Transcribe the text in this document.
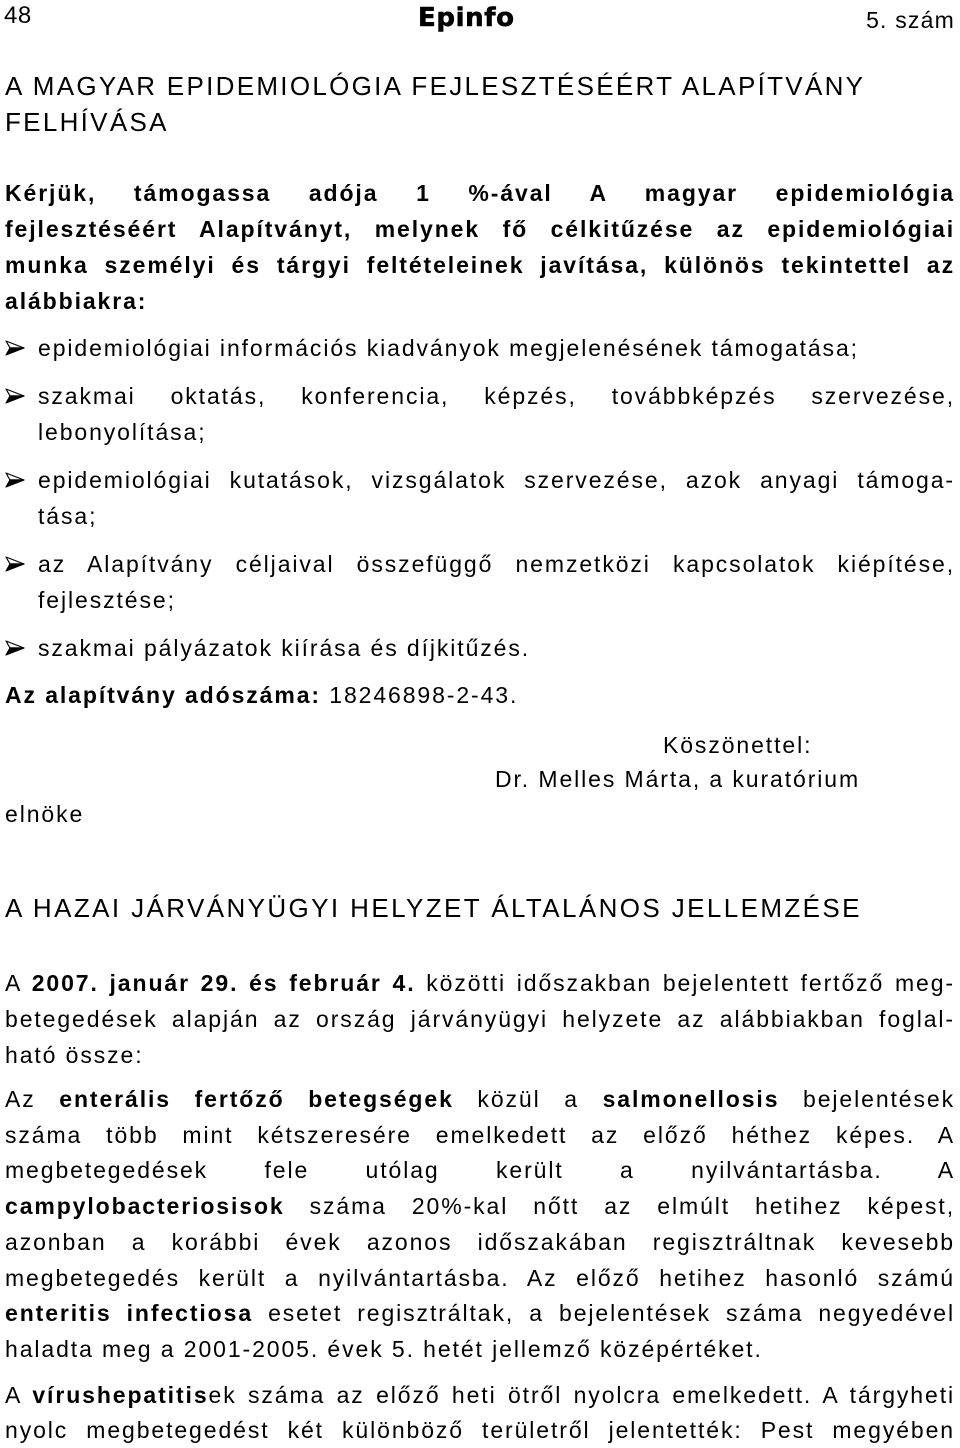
48	Epinfo	5. szám
A MAGYAR EPIDEMIOLÓGIA FEJLESZTÉSÉÉRT ALAPÍTVÁNY
FELHÍVÁSA
Kérjük, támogassa adója 1 %-ával A magyar epidemiológia
fejlesztéséért Alapítványt, melynek fő célkitűzése az epidemiológiai
munka személyi és tárgyi feltételeinek javítása, különös tekintettel az
alábbiakra:
epidemiológiai információs kiadványok megjelenésének támogatása;
szakmai oktatás, konferencia, képzés, továbbképzés szervezése,
lebonyolítása;
epidemiológiai kutatások, vizsgálatok szervezése, azok anyagi támoga-
tása;
az Alapítvány céljaival összefüggő nemzetközi kapcsolatok kiépítése,
fejlesztése;
szakmai pályázatok kiírása és díjkitűzés.
Az alapítvány adószáma: 18246898-2-43.
Köszönettel:
Dr. Melles Márta, a kuratórium
elnöke
A HAZAI JÁRVÁNYÜGYI HELYZET ÁLTALÁNOS JELLEMZÉSE
A 2007. január 29. és február 4. közötti időszakban bejelentett fertőző meg-
betegedések alapján az ország járványügyi helyzete az alábbiakban foglal-
ható össze:
Az enterális fertőző betegségek közül a salmonellosis bejelentések
száma több mint kétszeresére emelkedett az előző héthez képes. A
megbetegedések fele utólag került a nyilvántartásba. A
campylobacteriosisok száma 20%-kal nőtt az elmúlt hetihez képest,
azonban a korábbi évek azonos időszakában regisztráltnak kevesebb
megbetegedés került a nyilvántartásba. Az előző hetihez hasonló számú
enteritis infectiosa esetet regisztráltak, a bejelentések száma negyedével
haladta meg a 2001-2005. évek 5. hetét jellemző középértéket.
A vírushepatitisek száma az előző heti ötről nyolcra emelkedett. A tárgyheti
nyolc megbetegedést két különböző területről jelentették: Pest megyében
